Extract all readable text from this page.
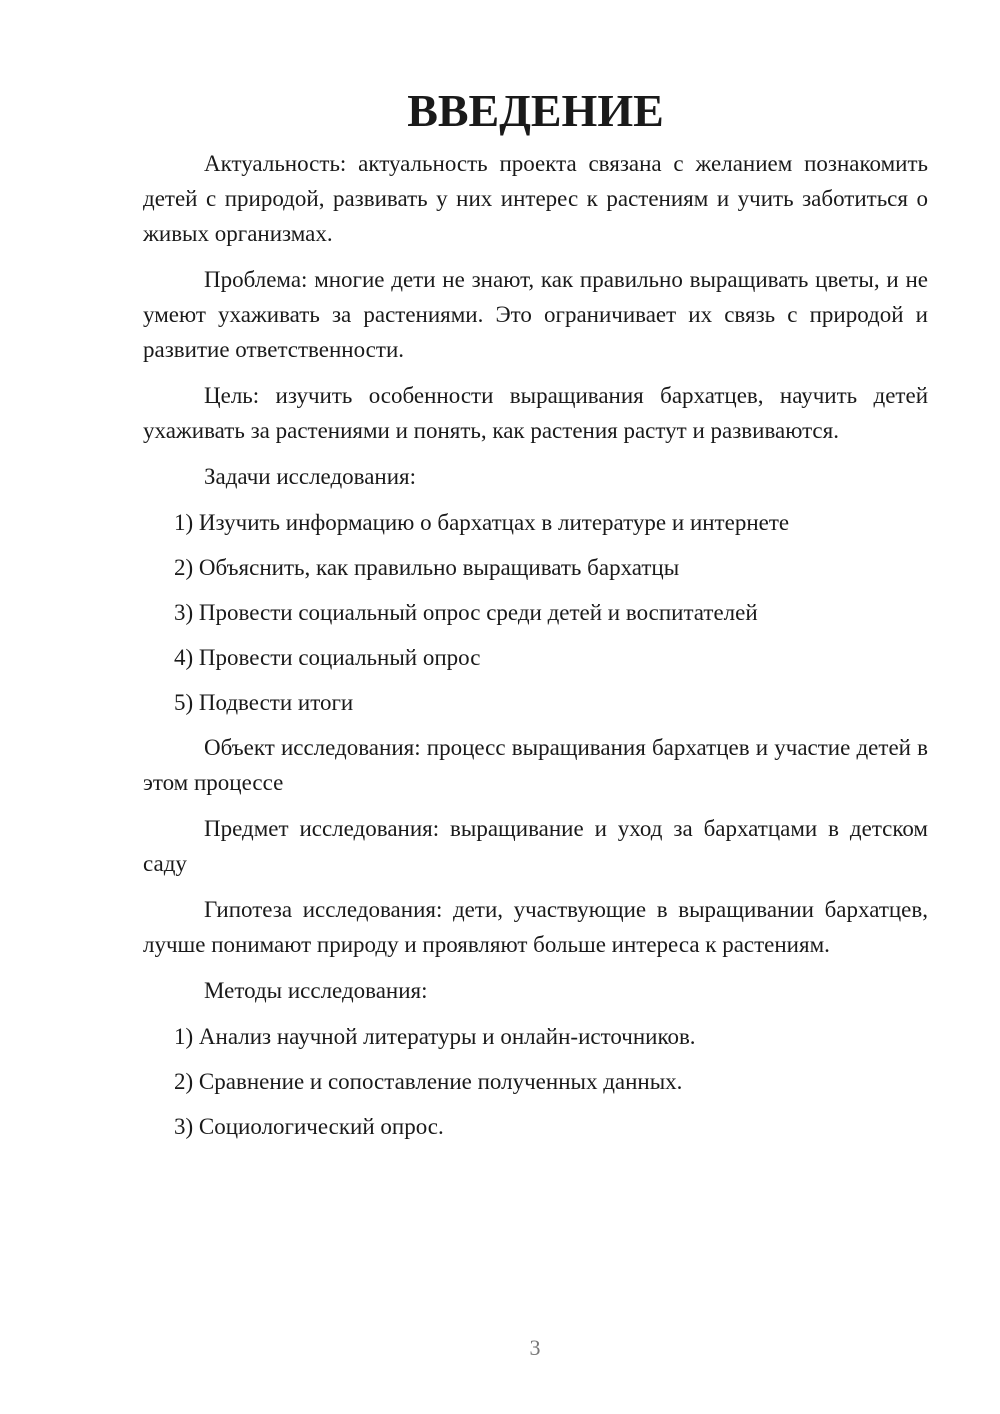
ВВЕДЕНИЕ

Актуальность: актуальность проекта связана с желанием познакомить детей с природой, развивать у них интерес к растениям и учить заботиться о живых организмах.

Проблема: многие дети не знают, как правильно выращивать цветы, и не умеют ухаживать за растениями. Это ограничивает их связь с природой и развитие ответственности.

Цель: изучить особенности выращивания бархатцев, научить детей ухаживать за растениями и понять, как растения растут и развиваются.

Задачи исследования:

1) Изучить информацию о бархатцах в литературе и интернете
2) Объяснить, как правильно выращивать бархатцы
3) Провести социальный опрос среди детей и воспитателей
4) Провести социальный опрос
5) Подвести итоги

Объект исследования: процесс выращивания бархатцев и участие детей в этом процессе

Предмет исследования: выращивание и уход за бархатцами в детском саду

Гипотеза исследования: дети, участвующие в выращивании бархатцев, лучше понимают природу и проявляют больше интереса к растениям.

Методы исследования:

1) Анализ научной литературы и онлайн-источников.
2) Сравнение и сопоставление полученных данных.
3) Социологический опрос.
3
